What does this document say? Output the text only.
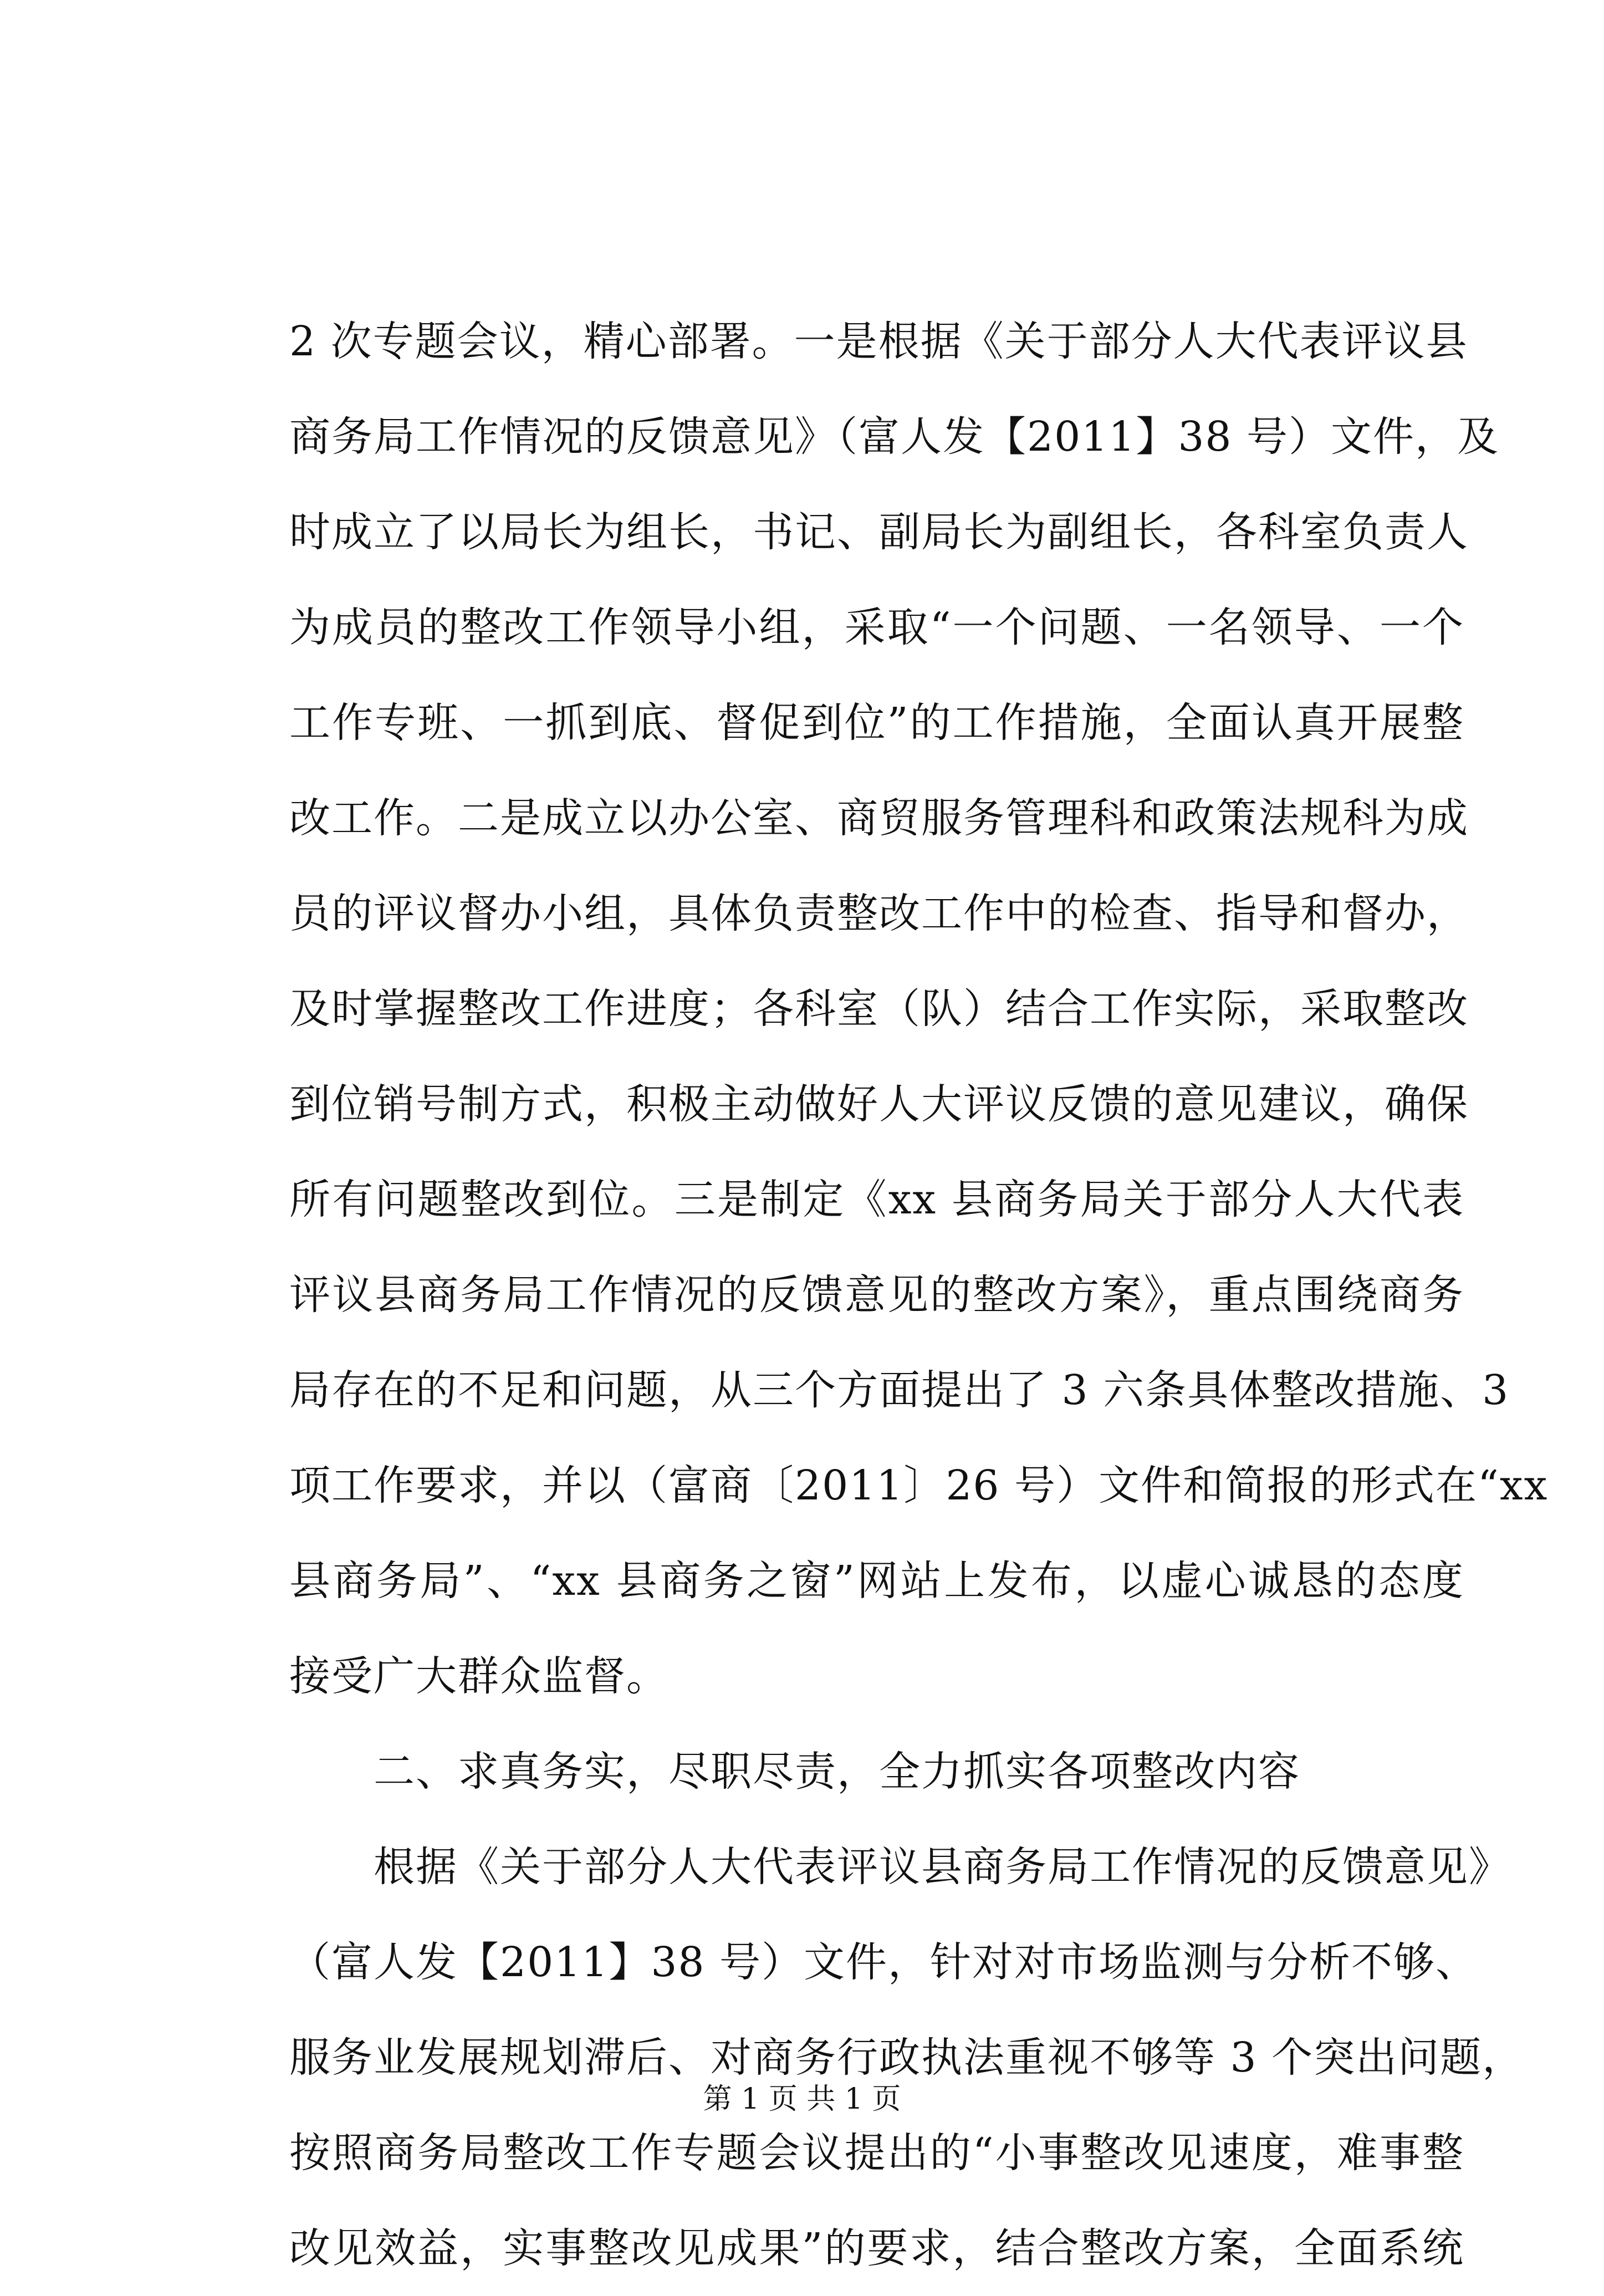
2 次专题会议，精心部署。一是根据《关于部分人大代表评议县
商务局工作情况的反馈意见》（富人发【2011】38 号）文件，及
时成立了以局长为组长，书记、副局长为副组长，各科室负责人
为成员的整改工作领导小组，采取“一个问题、一名领导、一个
工作专班、一抓到底、督促到位”的工作措施，全面认真开展整
改工作。二是成立以办公室、商贸服务管理科和政策法规科为成
员的评议督办小组，具体负责整改工作中的检查、指导和督办，
及时掌握整改工作进度；各科室（队）结合工作实际，采取整改
到位销号制方式，积极主动做好人大评议反馈的意见建议，确保
所有问题整改到位。三是制定《xx 县商务局关于部分人大代表
评议县商务局工作情况的反馈意见的整改方案》，重点围绕商务
局存在的不足和问题，从三个方面提出了 3 六条具体整改措施、3
项工作要求，并以（富商〔2011〕26 号）文件和简报的形式在“xx
县商务局”、“xx 县商务之窗”网站上发布，以虚心诚恳的态度
接受广大群众监督。
　　二、求真务实，尽职尽责，全力抓实各项整改内容
　　根据《关于部分人大代表评议县商务局工作情况的反馈意见》
（富人发【2011】38 号）文件，针对对市场监测与分析不够、
服务业发展规划滞后、对商务行政执法重视不够等 3 个突出问题，
按照商务局整改工作专题会议提出的“小事整改见速度，难事整
改见效益，实事整改见成果”的要求，结合整改方案，全面系统
第 1 页 共 1 页
